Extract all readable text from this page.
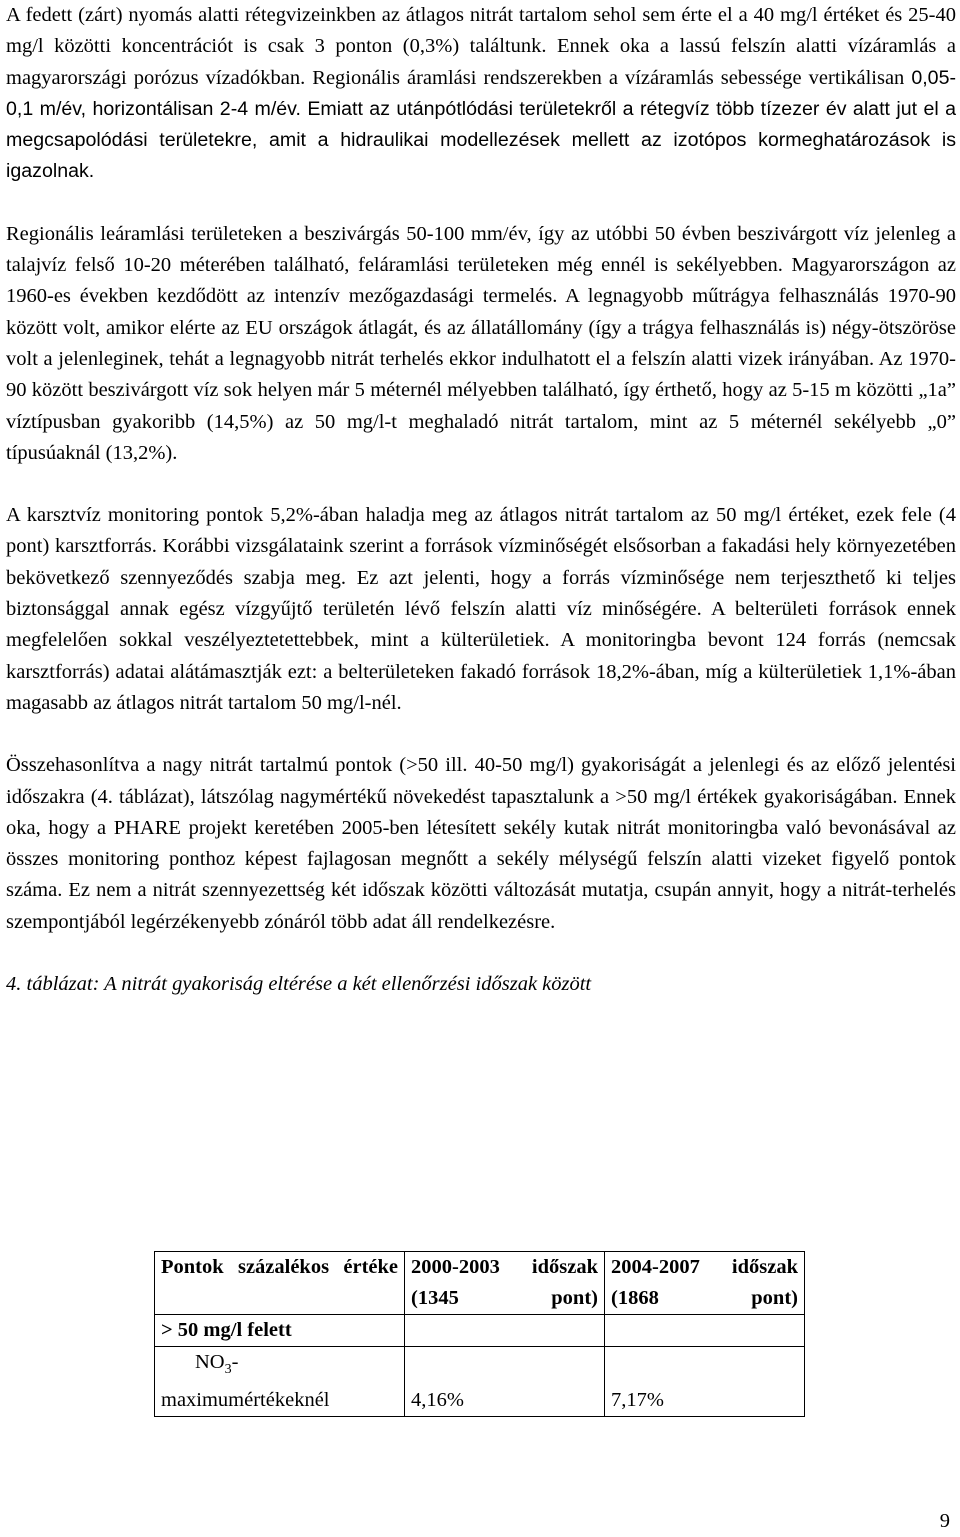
A fedett (zárt) nyomás alatti rétegvizeinkben az átlagos nitrát tartalom sehol sem érte el a 40 mg/l értéket és 25-40 mg/l közötti koncentrációt is csak 3 ponton (0,3%) találtunk. Ennek oka a lassú felszín alatti vízáramlás a magyarországi porózus vízadókban. Regionális áramlási rendszerekben a vízáramlás sebessége vertikálisan 0,05-0,1 m/év, horizontálisan 2-4 m/év. Emiatt az utánpótlódási területekről a rétegvíz több tízezer év alatt jut el a megcsapolódási területekre, amit a hidraulikai modellezések mellett az izotópos kormeghatározások is igazolnak.

Regionális leáramlási területeken a beszivárgás 50-100 mm/év, így az utóbbi 50 évben beszivárgott víz jelenleg a talajvíz felső 10-20 méterében található, feláramlási területeken még ennél is sekélyebben. Magyarországon az 1960-es években kezdődött az intenzív mezőgazdasági termelés. A legnagyobb műtrágya felhasználás 1970-90 között volt, amikor elérte az EU országok átlagát, és az állatállomány (így a trágya felhasználás is) négy-ötszöröse volt a jelenleginek, tehát a legnagyobb nitrát terhelés ekkor indulhatott el a felszín alatti vizek irányában. Az 1970-90 között beszivárgott víz sok helyen már 5 méternél mélyebben található, így érthető, hogy az 5-15 m közötti „1a” víztípusban gyakoribb (14,5%) az 50 mg/l-t meghaladó nitrát tartalom, mint az 5 méternél sekélyebb „0” típusúaknál (13,2%).

A karsztvíz monitoring pontok 5,2%-ában haladja meg az átlagos nitrát tartalom az 50 mg/l értéket, ezek fele (4 pont) karsztforrás. Korábbi vizsgálataink szerint a források vízminőségét elsősorban a fakadási hely környezetében bekövetkező szennyeződés szabja meg. Ez azt jelenti, hogy a forrás vízminősége nem terjeszthető ki teljes biztonsággal annak egész vízgyűjtő területén lévő felszín alatti víz minőségére. A belterületi források ennek megfelelően sokkal veszélyeztetettebbek, mint a külterületiek. A monitoringba bevont 124 forrás (nemcsak karsztforrás) adatai alátámasztják ezt: a belterületeken fakadó források 18,2%-ában, míg a külterületiek 1,1%-ában magasabb az átlagos nitrát tartalom 50 mg/l-nél.

Összehasonlítva a nagy nitrát tartalmú pontok (>50 ill. 40-50 mg/l) gyakoriságát a jelenlegi és az előző jelentési időszakra (4. táblázat), látszólag nagymértékű növekedést tapasztalunk a >50 mg/l értékek gyakoriságában. Ennek oka, hogy a PHARE projekt keretében 2005-ben létesített sekély kutak nitrát monitoringba való bevonásával az összes monitoring ponthoz képest fajlagosan megnőtt a sekély mélységű felszín alatti vizeket figyelő pontok száma. Ez nem a nitrát szennyezettség két időszak közötti változását mutatja, csupán annyit, hogy a nitrát-terhelés szempontjából legérzékenyebb zónáról több adat áll rendelkezésre.

4. táblázat: A nitrát gyakoriság eltérése a két ellenőrzési időszak között

Pontok százalékos értéke	2000-2003 időszak (1345 pont)	2004-2007 időszak (1868 pont)
> 50 mg/l felett		
$NO_3-$
maximumértékeknél	4,16%	7,17%
9
